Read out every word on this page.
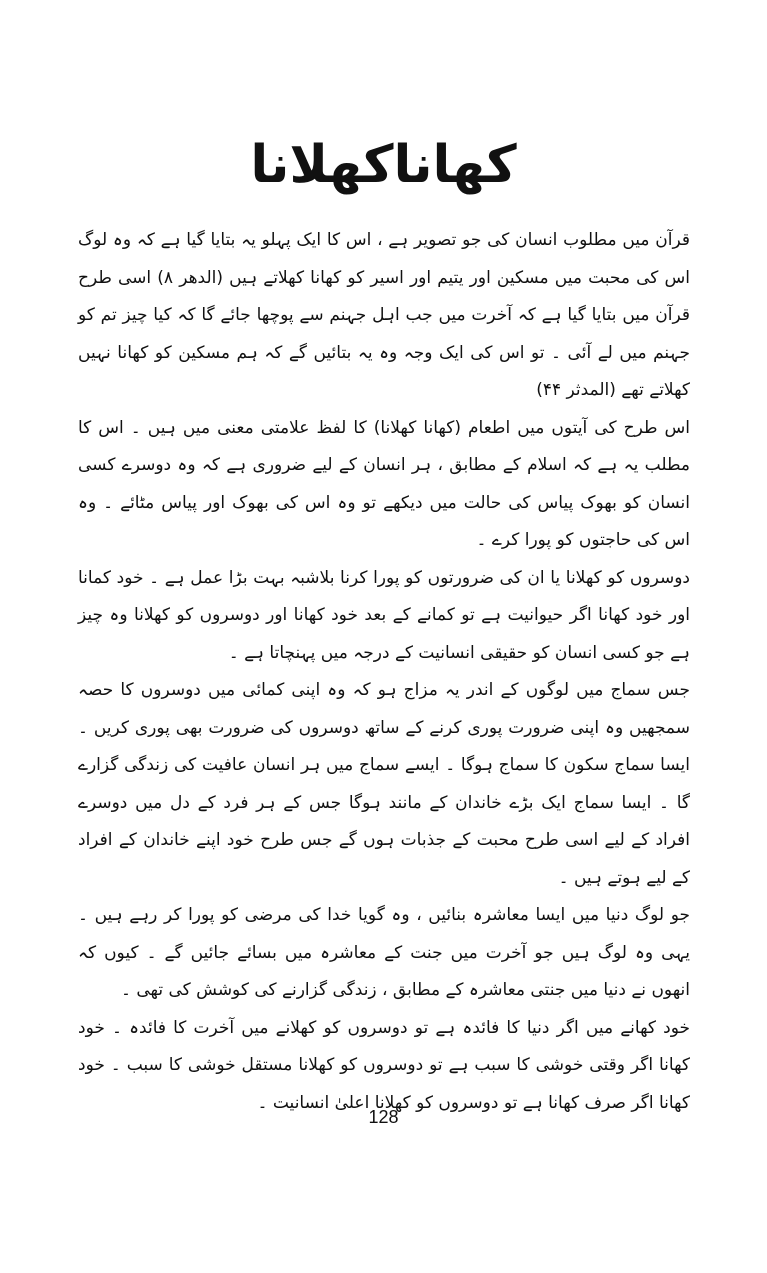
کھاناکھلانا

قرآن میں مطلوب انسان کی جو تصویر ہے ، اس کا ایک پہلو یہ بتایا گیا ہے کہ وہ لوگ اس کی محبت میں مسکین اور یتیم اور اسیر کو کھانا کھلاتے ہیں (الدھر ۸) اسی طرح قرآن میں بتایا گیا ہے کہ آخرت میں جب اہل جہنم سے پوچھا جائے گا کہ کیا چیز تم کو جہنم میں لے آئی ۔ تو اس کی ایک وجہ وہ یہ بتائیں گے کہ ہم مسکین کو کھانا نہیں کھلاتے تھے (المدثر ۴۴)

اس طرح کی آیتوں میں اطعام (کھانا کھلانا) کا لفظ علامتی معنی میں ہیں ۔ اس کا مطلب یہ ہے کہ اسلام کے مطابق ، ہر انسان کے لیے ضروری ہے کہ وہ دوسرے کسی انسان کو بھوک پیاس کی حالت میں دیکھے تو وہ اس کی بھوک اور پیاس مٹائے ۔ وہ اس کی حاجتوں کو پورا کرے ۔

دوسروں کو کھلانا یا ان کی ضرورتوں کو پورا کرنا بلاشبہ بہت بڑا عمل ہے ۔ خود کمانا اور خود کھانا اگر حیوانیت ہے تو کمانے کے بعد خود کھانا اور دوسروں کو کھلانا وہ چیز ہے جو کسی انسان کو حقیقی انسانیت کے درجہ میں پہنچاتا ہے ۔

جس سماج میں لوگوں کے اندر یہ مزاج ہو کہ وہ اپنی کمائی میں دوسروں کا حصہ سمجھیں وہ اپنی ضرورت پوری کرنے کے ساتھ دوسروں کی ضرورت بھی پوری کریں ۔ ایسا سماج سکون کا سماج ہوگا ۔ ایسے سماج میں ہر انسان عافیت کی زندگی گزارے گا ۔ ایسا سماج ایک بڑے خاندان کے مانند ہوگا جس کے ہر فرد کے دل میں دوسرے افراد کے لیے اسی طرح محبت کے جذبات ہوں گے جس طرح خود اپنے خاندان کے افراد کے لیے ہوتے ہیں ۔

جو لوگ دنیا میں ایسا معاشرہ بنائیں ، وہ گویا خدا کی مرضی کو پورا کر رہے ہیں ۔ یہی وہ لوگ ہیں جو آخرت میں جنت کے معاشرہ میں بسائے جائیں گے ۔ کیوں کہ انھوں نے دنیا میں جنتی معاشرہ کے مطابق ، زندگی گزارنے کی کوشش کی تھی ۔

خود کھانے میں اگر دنیا کا فائدہ ہے تو دوسروں کو کھلانے میں آخرت کا فائدہ ۔ خود کھانا اگر وقتی خوشی کا سبب ہے تو دوسروں کو کھلانا مستقل خوشی کا سبب ۔ خود کھانا اگر صرف کھانا ہے تو دوسروں کو کھلانا اعلیٰ انسانیت ۔

128
